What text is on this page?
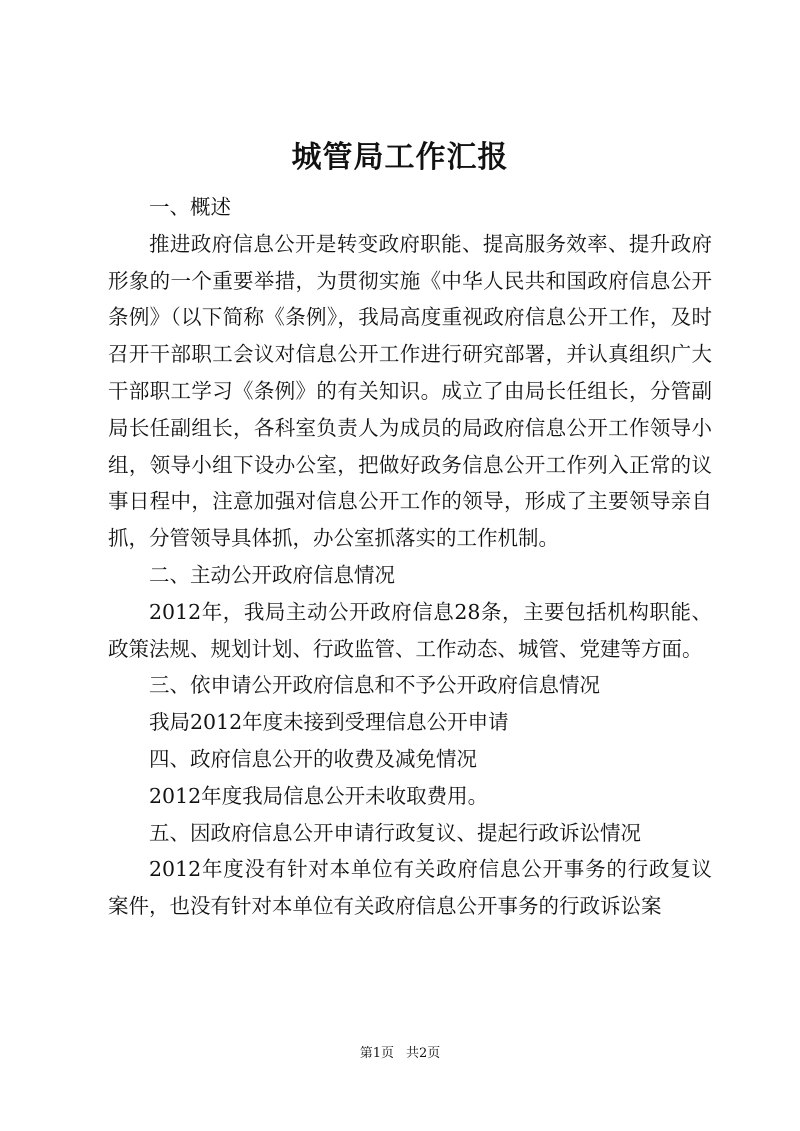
城管局工作汇报

一、概述

推进政府信息公开是转变政府职能、提高服务效率、提升政府形象的一个重要举措，为贯彻实施《中华人民共和国政府信息公开条例》（以下简称《条例》，我局高度重视政府信息公开工作，及时召开干部职工会议对信息公开工作进行研究部署，并认真组织广大干部职工学习《条例》的有关知识。成立了由局长任组长，分管副局长任副组长，各科室负责人为成员的局政府信息公开工作领导小组，领导小组下设办公室，把做好政务信息公开工作列入正常的议事日程中，注意加强对信息公开工作的领导，形成了主要领导亲自抓，分管领导具体抓，办公室抓落实的工作机制。

二、主动公开政府信息情况

2012年，我局主动公开政府信息28条，主要包括机构职能、政策法规、规划计划、行政监管、工作动态、城管、党建等方面。

三、依申请公开政府信息和不予公开政府信息情况

我局2012年度未接到受理信息公开申请

四、政府信息公开的收费及减免情况

2012年度我局信息公开未收取费用。

五、因政府信息公开申请行政复议、提起行政诉讼情况

2012年度没有针对本单位有关政府信息公开事务的行政复议案件，也没有针对本单位有关政府信息公开事务的行政诉讼案

第1页 共2页
